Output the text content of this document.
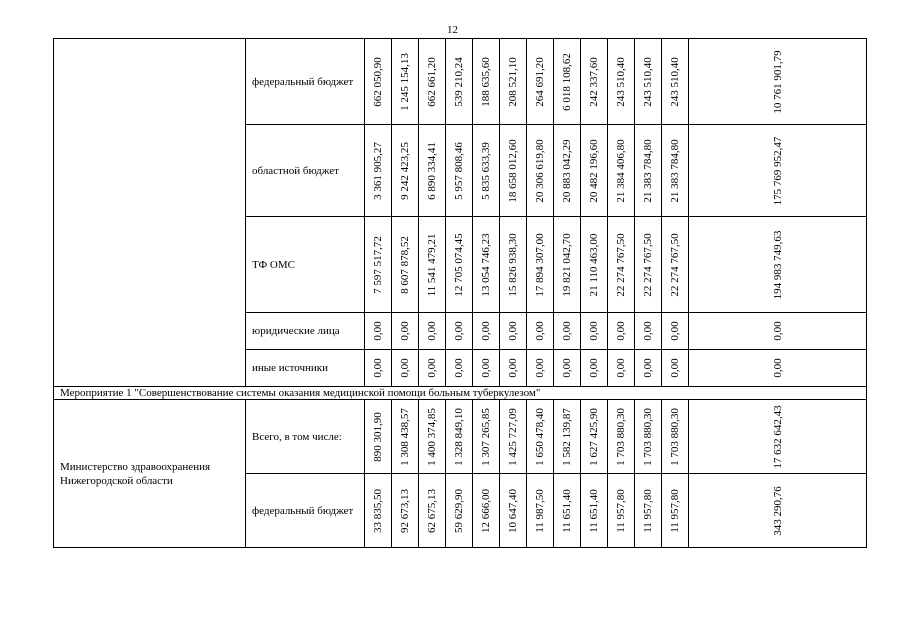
12
	федеральный бюджет	662 050,90	1 245 154,13	662 661,20	539 210,24	188 635,60	208 521,10	264 691,20	6 018 108,62	242 337,60	243 510,40	243 510,40	243 510,40	10 761 901,79

	областной бюджет	3 361 905,27	9 242 423,25	6 890 334,41	5 957 808,46	5 835 633,39	18 658 012,60	20 306 619,80	20 883 042,29	20 482 196,60	21 384 406,80	21 383 784,80	21 383 784,80	175 769 952,47

	ТФ ОМС	7 597 517,72	8 607 878,52	11 541 479,21	12 705 074,45	13 054 746,23	15 826 938,30	17 894 307,00	19 821 042,70	21 110 463,00	22 274 767,50	22 274 767,50	22 274 767,50	194 983 749,63

	юридические лица	0,00	0,00	0,00	0,00	0,00	0,00	0,00	0,00	0,00	0,00	0,00	0,00	0,00

	иные источники	0,00	0,00	0,00	0,00	0,00	0,00	0,00	0,00	0,00	0,00	0,00	0,00	0,00

Мероприятие 1 "Совершенствование системы оказания медицинской помощи больным туберкулезом"														
Министерство здравоохранения Нижегородской области	Всего, в том числе:	890 301,90	1 308 438,57	1 400 374,85	1 328 849,10	1 307 265,85	1 425 727,09	1 650 478,40	1 582 139,87	1 627 425,90	1 703 880,30	1 703 880,30	1 703 880,30	17 632 642,43

	федеральный бюджет	33 835,50	92 673,13	62 675,13	59 629,90	12 666,00	10 647,40	11 987,50	11 651,40	11 651,40	11 957,80	11 957,80	11 957,80	343 290,76
